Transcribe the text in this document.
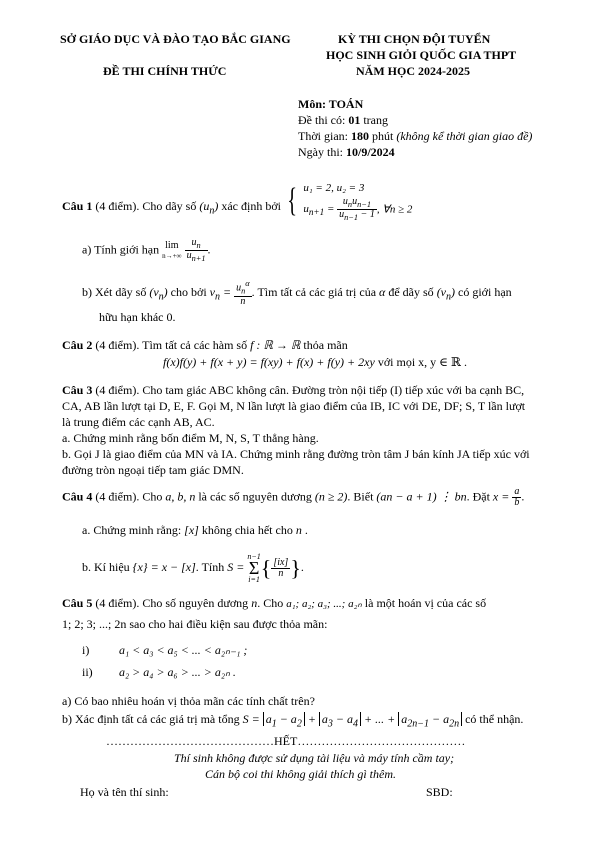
SỞ GIÁO DỤC VÀ ĐÀO TẠO BẮC GIANG
ĐỀ THI CHÍNH THỨC
KỲ THI CHỌN ĐỘI TUYỂN
HỌC SINH GIỎI QUỐC GIA THPT
NĂM HỌC 2024-2025
Môn: TOÁN
Đề thi có: 01 trang
Thời gian: 180 phút (không kể thời gian giao đề)
Ngày thi: 10/9/2024
Câu 1 (4 điểm). Cho dãy số $(u_n)$ xác định bởi { u₁ = 2, u₂ = 3
$u_{n+1} = \frac{u_nu_{n-1}}{u_{n-1} - 1}$ , ∀n ≥ 2
a) Tính giới hạn lim
$n\to+\infty \frac{u_n}{u_{n+1}}$ .
b) Xét dãy số $(v_n)$ cho bởi $v_n = \frac{u_n^\alpha}{n}$ . Tìm tất cả các giá trị của α để dãy số $(v_n)$ có giới hạn
hữu hạn khác 0.
Câu 2 (4 điểm). Tìm tất cả các hàm số f : ℝ → ℝ thỏa mãn
f(x)f(y) + f(x + y) = f(xy) + f(x) + f(y) + 2xy với mọi x, y ∈ ℝ .
Câu 3 (4 điểm). Cho tam giác ABC không cân. Đường tròn nội tiếp (I) tiếp xúc với ba cạnh BC,
CA, AB lần lượt tại D, E, F. Gọi M, N lần lượt là giao điểm của IB, IC với DE, DF; S, T lần lượt
là trung điểm các cạnh AB, AC.
a. Chứng minh rằng bốn điểm M, N, S, T thẳng hàng.
b. Gọi J là giao điểm của MN và IA. Chứng minh rằng đường tròn tâm J bán kính JA tiếp xúc với
đường tròn ngoại tiếp tam giác DMN.
Câu 4 (4 điểm). Cho a, b, n là các số nguyên dương (n ≥ 2). Biết (an − a + 1) ⋮ bn. Đặt $x = \frac{a}{b}$ .
a. Chứng minh rằng: [x] không chia hết cho n .
b. Kí hiệu {x} = x − [x]. Tính S = n−1
Σ
$i=1\{ \frac{[ix]}{n}$ }.
Câu 5 (4 điểm). Cho số nguyên dương n. Cho a₁; a₂; a₃; ...; a₂ₙ là một hoán vị của các số
1; 2; 3; ...; 2n sao cho hai điều kiện sau được thỏa mãn:
i) a₁ < a₃ < a₅ < ... < a₂ₙ₋₁ ;
ii) a₂ > a₄ > a₆ > ... > a₂ₙ .
a) Có bao nhiêu hoán vị thỏa mãn các tính chất trên?
b) Xác định tất cả các giá trị mà tổng $S = a_1 - a_2 + a_3 - a_4$ + ... + $a_{2n-1} - a_{2n}$ có thể nhận.
……………………………………HẾT……………………………………
Thí sinh không được sử dụng tài liệu và máy tính cầm tay;
Cán bộ coi thi không giải thích gì thêm.
Họ và tên thí sinh:	SBD:
